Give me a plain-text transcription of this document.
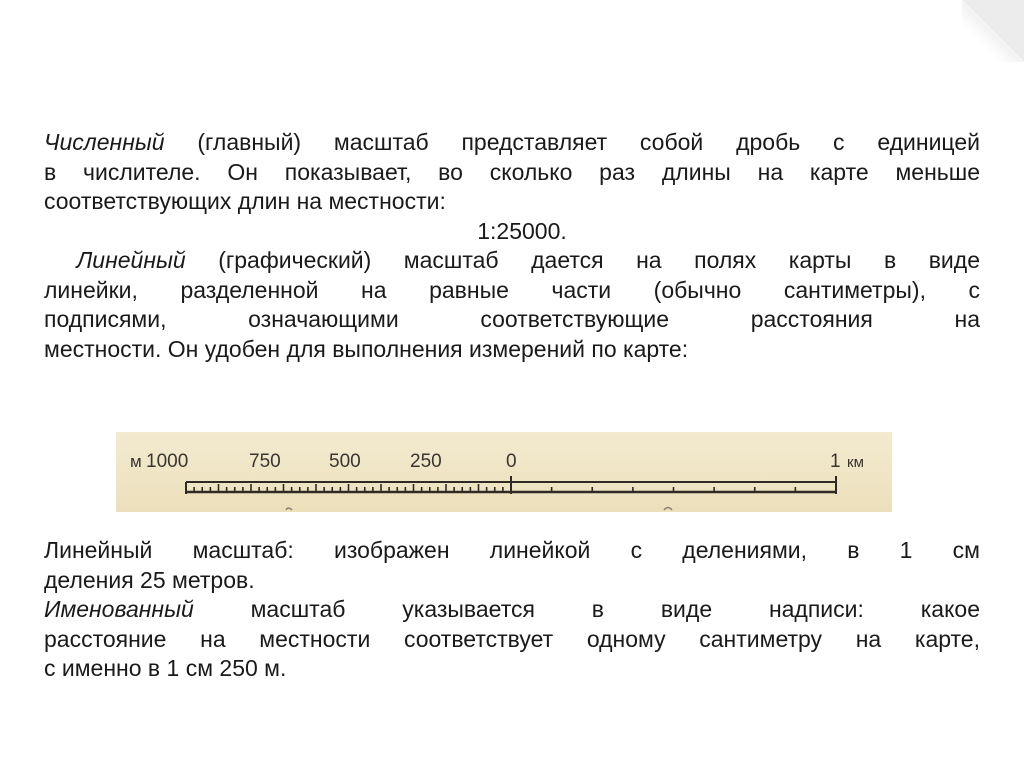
Численный (главный) масштаб представляет собой дробь с единицей

в числителе. Он показывает, во сколько раз длины на карте меньше

соответствующих длин на местности:

1:25000.

Линейный (графический) масштаб дается на полях карты в виде

линейки, разделенной на равные части (обычно сантиметры), с

подписями, означающими соответствующие расстояния на

местности. Он удобен для выполнения измерений по карте:

м 1000	750	500	250	0	1 км

Линейный масштаб: изображен линейкой с делениями, в 1 см

деления 25 метров.

Именованный масштаб указывается в виде надписи: какое

расстояние на местности соответствует одному сантиметру на карте,

с именно в 1 см 250 м.
